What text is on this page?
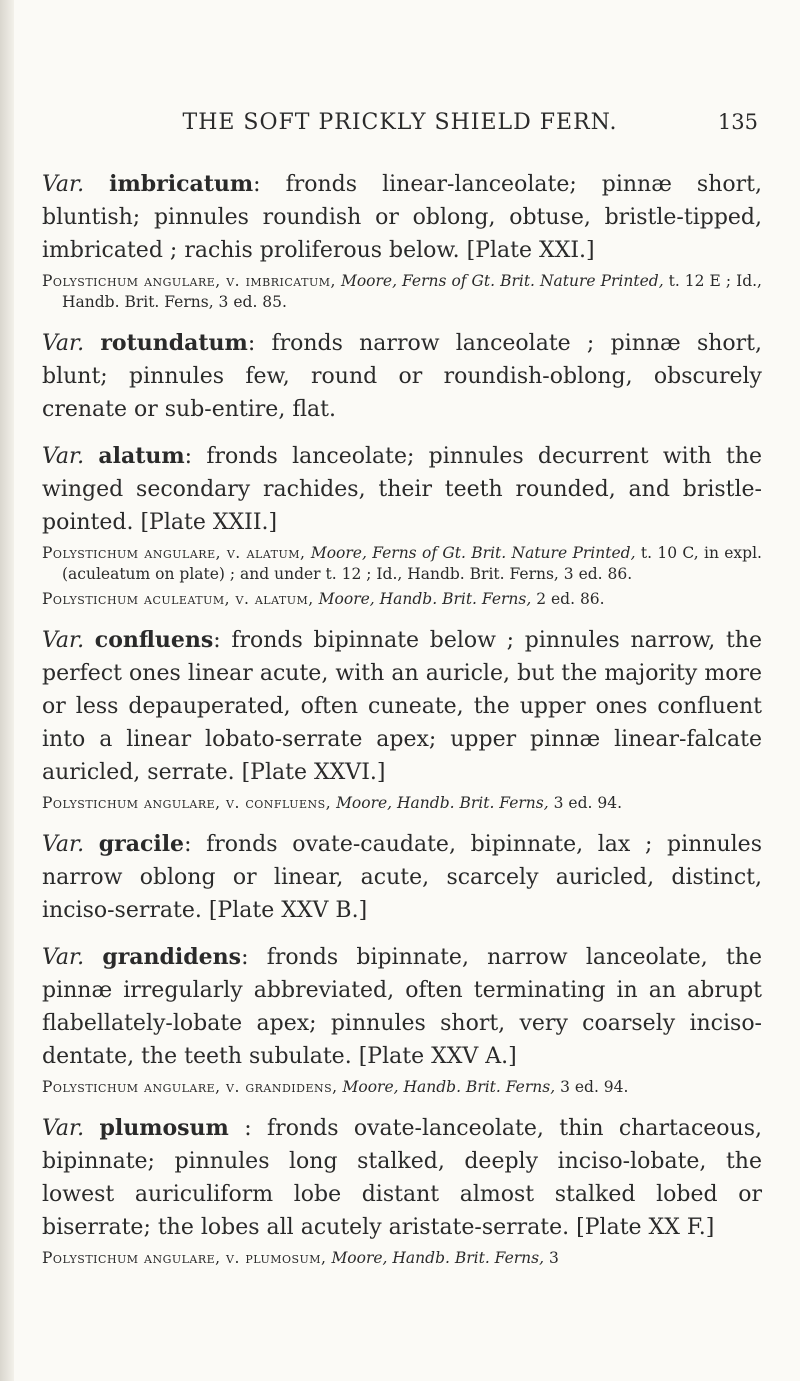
THE SOFT PRICKLY SHIELD FERN.	135

Var. imbricatum: fronds linear-lanceolate; pinnæ short, bluntish; pinnules roundish or oblong, obtuse, bristle-tipped, imbricated ; rachis proliferous below. [Plate XXI.]

Polystichum angulare, v. imbricatum, Moore, Ferns of Gt. Brit. Nature Printed, t. 12 E ; Id., Handb. Brit. Ferns, 3 ed. 85.

Var. rotundatum: fronds narrow lanceolate ; pinnæ short, blunt; pinnules few, round or roundish-oblong, obscurely crenate or sub-entire, flat.

Var. alatum: fronds lanceolate; pinnules decurrent with the winged secondary rachides, their teeth rounded, and bristle-pointed. [Plate XXII.]

Polystichum angulare, v. alatum, Moore, Ferns of Gt. Brit. Nature Printed, t. 10 C, in expl. (aculeatum on plate) ; and under t. 12 ; Id., Handb. Brit. Ferns, 3 ed. 86.

Polystichum aculeatum, v. alatum, Moore, Handb. Brit. Ferns, 2 ed. 86.

Var. confluens: fronds bipinnate below ; pinnules narrow, the perfect ones linear acute, with an auricle, but the majority more or less depauperated, often cuneate, the upper ones confluent into a linear lobato-serrate apex; upper pinnæ linear-falcate auricled, serrate. [Plate XXVI.]

Polystichum angulare, v. confluens, Moore, Handb. Brit. Ferns, 3 ed. 94.

Var. gracile: fronds ovate-caudate, bipinnate, lax ; pinnules narrow oblong or linear, acute, scarcely auricled, distinct, inciso-serrate. [Plate XXV B.]

Var. grandidens: fronds bipinnate, narrow lanceolate, the pinnæ irregularly abbreviated, often terminating in an abrupt flabellately-lobate apex; pinnules short, very coarsely inciso-dentate, the teeth subulate. [Plate XXV A.]

Polystichum angulare, v. grandidens, Moore, Handb. Brit. Ferns, 3 ed. 94.

Var. plumosum : fronds ovate-lanceolate, thin chartaceous, bipinnate; pinnules long stalked, deeply inciso-lobate, the lowest auriculiform lobe distant almost stalked lobed or biserrate; the lobes all acutely aristate-serrate. [Plate XX F.]

Polystichum angulare, v. plumosum, Moore, Handb. Brit. Ferns, 3
